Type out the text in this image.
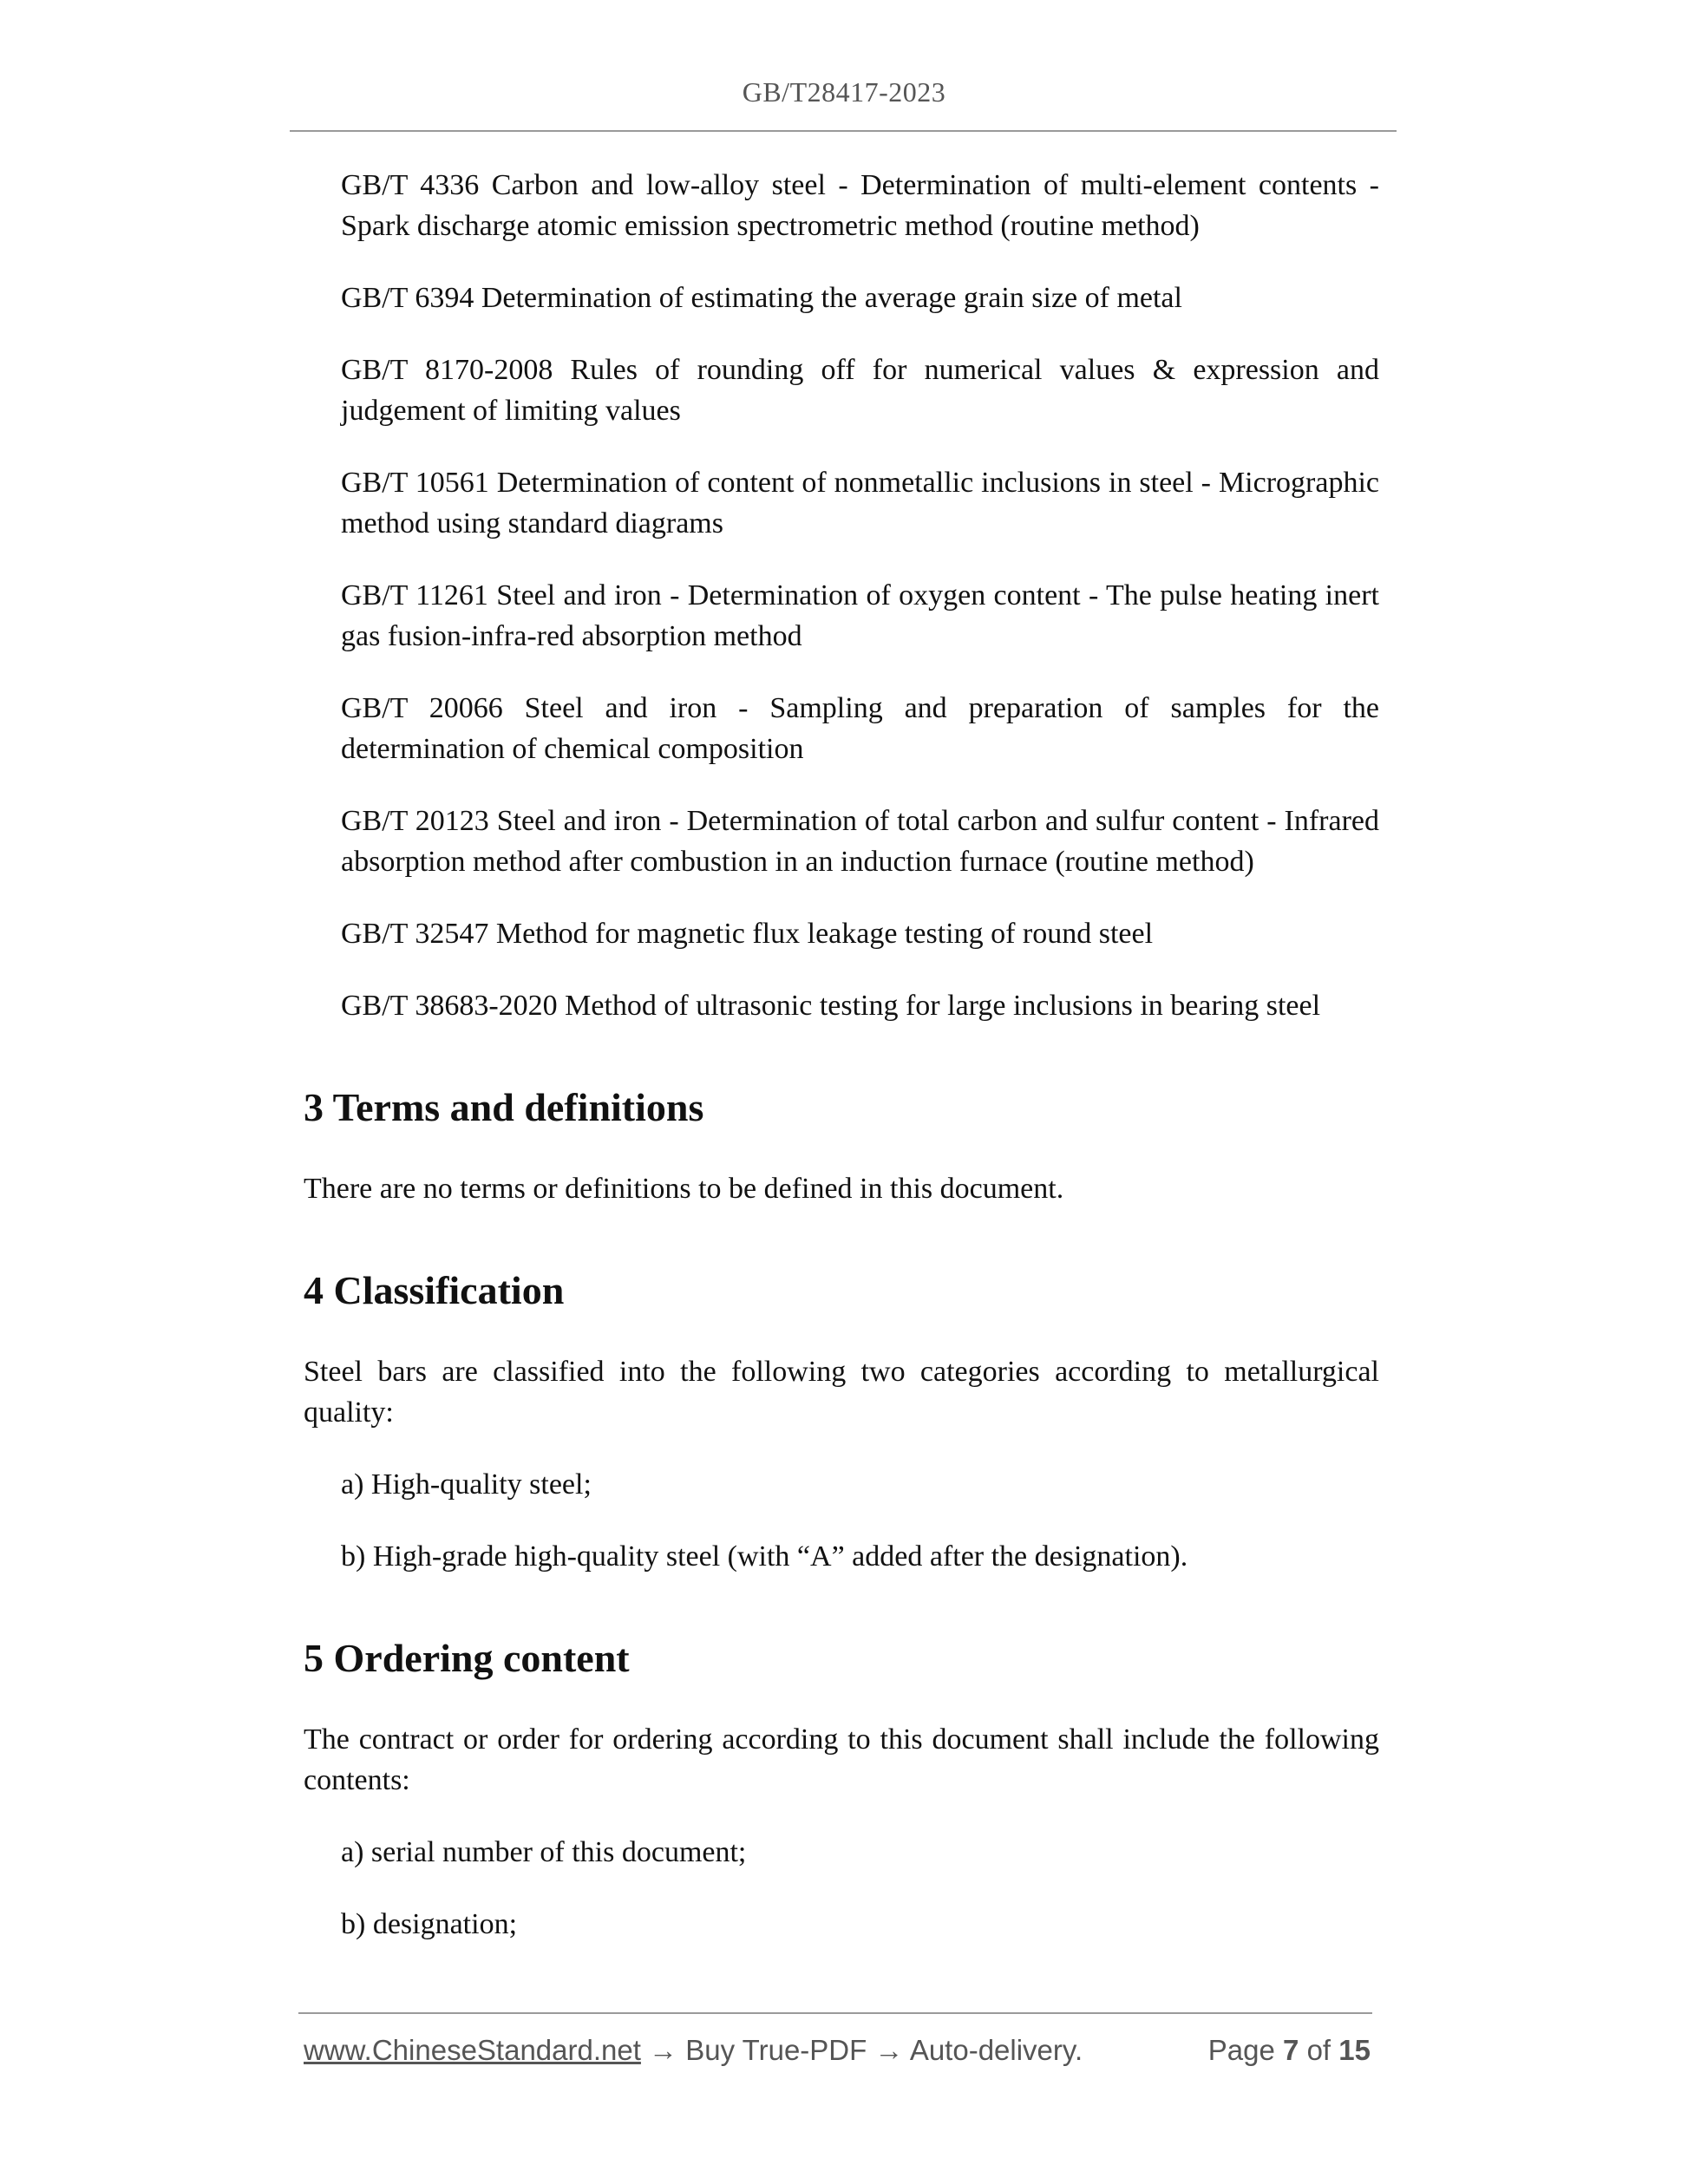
GB/T28417-2023

GB/T 4336 Carbon and low-alloy steel - Determination of multi-element contents - Spark discharge atomic emission spectrometric method (routine method)

GB/T 6394 Determination of estimating the average grain size of metal

GB/T 8170-2008 Rules of rounding off for numerical values & expression and judgement of limiting values

GB/T 10561 Determination of content of nonmetallic inclusions in steel - Micrographic method using standard diagrams

GB/T 11261 Steel and iron - Determination of oxygen content - The pulse heating inert gas fusion-infra-red absorption method

GB/T 20066 Steel and iron - Sampling and preparation of samples for the determination of chemical composition

GB/T 20123 Steel and iron - Determination of total carbon and sulfur content - Infrared absorption method after combustion in an induction furnace (routine method)

GB/T 32547 Method for magnetic flux leakage testing of round steel

GB/T 38683-2020 Method of ultrasonic testing for large inclusions in bearing steel

3 Terms and definitions

There are no terms or definitions to be defined in this document.

4 Classification

Steel bars are classified into the following two categories according to metallurgical quality:

a) High-quality steel;

b) High-grade high-quality steel (with “A” added after the designation).

5 Ordering content

The contract or order for ordering according to this document shall include the following contents:

a) serial number of this document;

b) designation;

www.ChineseStandard.net → Buy True-PDF → Auto-delivery.	Page 7 of 15
